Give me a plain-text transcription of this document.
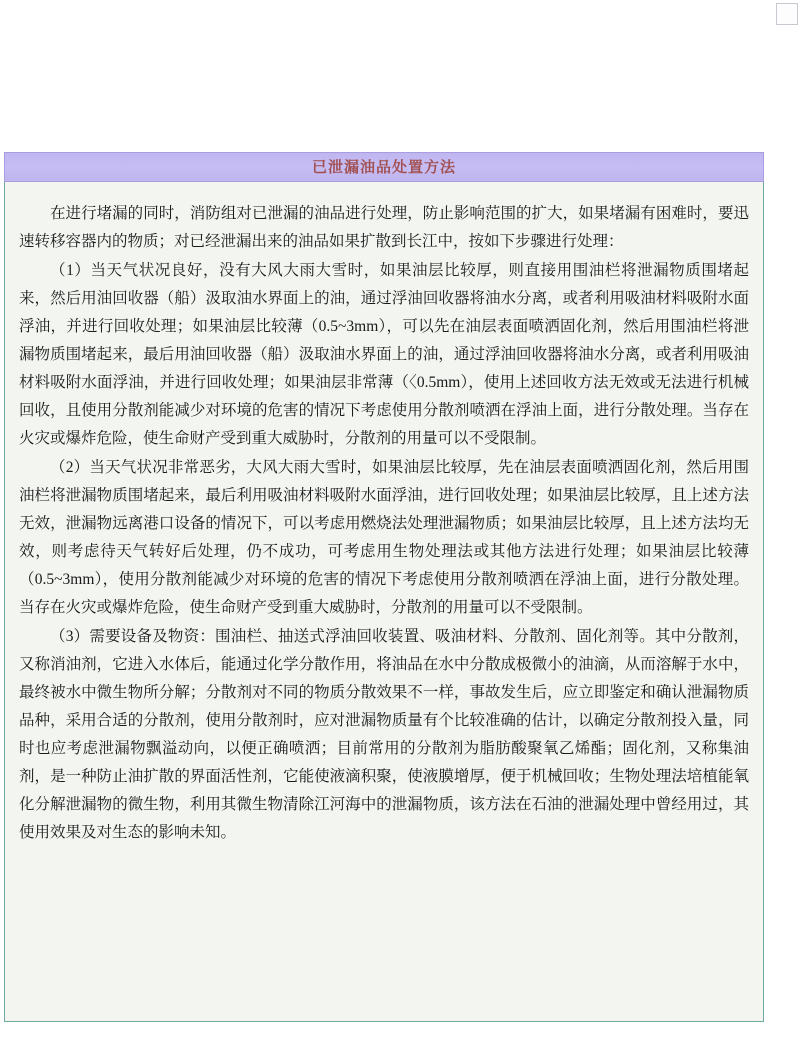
已泄漏油品处置方法

在进行堵漏的同时，消防组对已泄漏的油品进行处理，防止影响范围的扩大，如果堵漏有困难时，要迅速转移容器内的物质；对已经泄漏出来的油品如果扩散到长江中，按如下步骤进行处理：

（1）当天气状况良好，没有大风大雨大雪时，如果油层比较厚，则直接用围油栏将泄漏物质围堵起来，然后用油回收器（船）汲取油水界面上的油，通过浮油回收器将油水分离，或者利用吸油材料吸附水面浮油，并进行回收处理；如果油层比较薄（0.5~3mm），可以先在油层表面喷洒固化剂，然后用围油栏将泄漏物质围堵起来，最后用油回收器（船）汲取油水界面上的油，通过浮油回收器将油水分离，或者利用吸油材料吸附水面浮油，并进行回收处理；如果油层非常薄（〈0.5mm），使用上述回收方法无效或无法进行机械回收，且使用分散剂能减少对环境的危害的情况下考虑使用分散剂喷洒在浮油上面，进行分散处理。当存在火灾或爆炸危险，使生命财产受到重大威胁时，分散剂的用量可以不受限制。

（2）当天气状况非常恶劣，大风大雨大雪时，如果油层比较厚，先在油层表面喷洒固化剂，然后用围油栏将泄漏物质围堵起来，最后利用吸油材料吸附水面浮油，进行回收处理；如果油层比较厚，且上述方法无效，泄漏物远离港口设备的情况下，可以考虑用燃烧法处理泄漏物质；如果油层比较厚，且上述方法均无效，则考虑待天气转好后处理，仍不成功，可考虑用生物处理法或其他方法进行处理；如果油层比较薄（0.5~3mm），使用分散剂能减少对环境的危害的情况下考虑使用分散剂喷洒在浮油上面，进行分散处理。当存在火灾或爆炸危险，使生命财产受到重大威胁时，分散剂的用量可以不受限制。

（3）需要设备及物资：围油栏、抽送式浮油回收装置、吸油材料、分散剂、固化剂等。其中分散剂，又称消油剂，它进入水体后，能通过化学分散作用，将油品在水中分散成极微小的油滴，从而溶解于水中，最终被水中微生物所分解；分散剂对不同的物质分散效果不一样，事故发生后，应立即鉴定和确认泄漏物质品种，采用合适的分散剂，使用分散剂时，应对泄漏物质量有个比较准确的估计，以确定分散剂投入量，同时也应考虑泄漏物飘溢动向，以便正确喷洒；目前常用的分散剂为脂肪酸聚氧乙烯酯；固化剂，又称集油剂，是一种防止油扩散的界面活性剂，它能使液滴积聚，使液膜增厚，便于机械回收；生物处理法培植能氧化分解泄漏物的微生物，利用其微生物清除江河海中的泄漏物质，该方法在石油的泄漏处理中曾经用过，其使用效果及对生态的影响未知。
